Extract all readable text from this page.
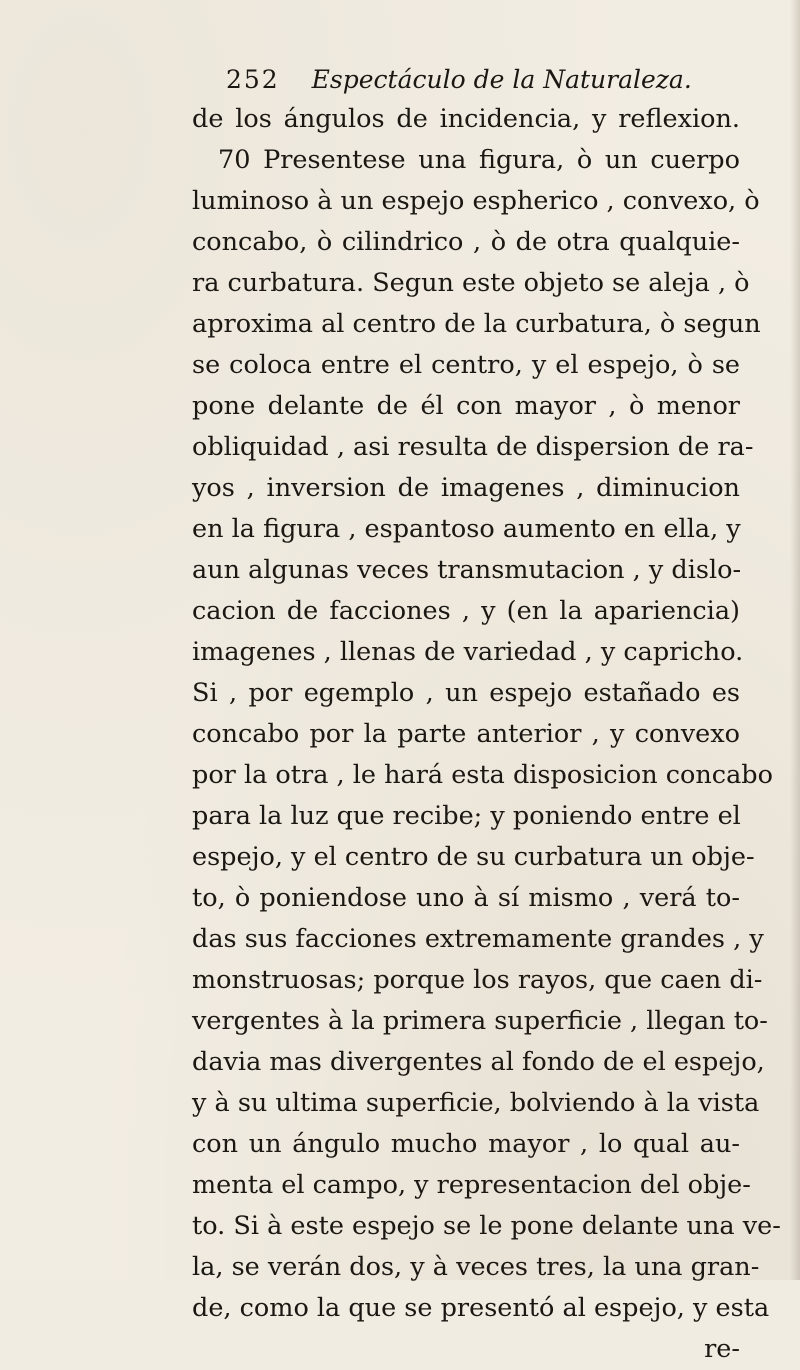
252 Espectáculo de la Naturaleza.
de los ángulos de incidencia, y reflexion.
70 Presentese una figura, ò un cuerpo
luminoso à un espejo espherico , convexo, ò
concabo, ò cilindrico , ò de otra qualquie-
ra curbatura. Segun este objeto se aleja , ò
aproxima al centro de la curbatura, ò segun
se coloca entre el centro, y el espejo, ò se
pone delante de él con mayor , ò menor
obliquidad , asi resulta de dispersion de ra-
yos , inversion de imagenes , diminucion
en la figura , espantoso aumento en ella, y
aun algunas veces transmutacion , y dislo-
cacion de facciones , y (en la apariencia)
imagenes , llenas de variedad , y capricho.
Si , por egemplo , un espejo estañado es
concabo por la parte anterior , y convexo
por la otra , le hará esta disposicion concabo
para la luz que recibe; y poniendo entre el
espejo, y el centro de su curbatura un obje-
to, ò poniendose uno à sí mismo , verá to-
das sus facciones extremamente grandes , y
monstruosas; porque los rayos, que caen di-
vergentes à la primera superficie , llegan to-
davia mas divergentes al fondo de el espejo,
y à su ultima superficie, bolviendo à la vista
con un ángulo mucho mayor , lo qual au-
menta el campo, y representacion del obje-
to. Si à este espejo se le pone delante una ve-
la, se verán dos, y à veces tres, la una gran-
de, como la que se presentó al espejo, y esta
re-
